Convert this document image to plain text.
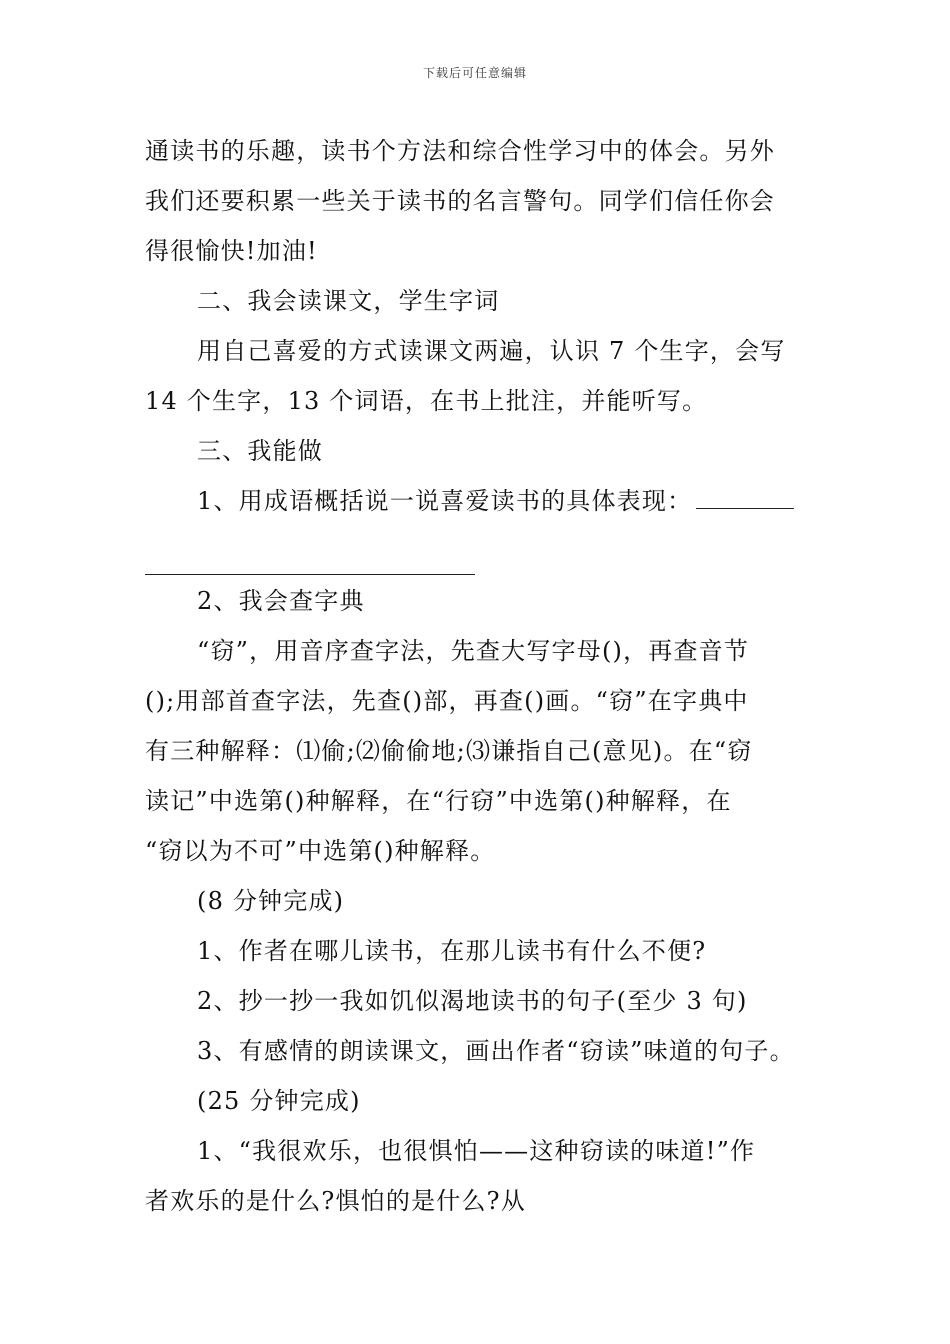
下载后可任意编辑
通读书的乐趣，读书个方法和综合性学习中的体会。另外
我们还要积累一些关于读书的名言警句。同学们信任你会
得很愉快!加油!
二、我会读课文，学生字词
用自己喜爱的方式读课文两遍，认识 7 个生字，会写
14 个生字，13 个词语，在书上批注，并能听写。
三、我能做
1、用成语概括说一说喜爱读书的具体表现：
2、我会查字典
“窃”，用音序查字法，先查大写字母()，再查音节
();用部首查字法，先查()部，再查()画。“窃”在字典中
有三种解释：⑴偷;⑵偷偷地;⑶谦指自己(意见)。在“窃
读记”中选第()种解释，在“行窃”中选第()种解释，在
“窃以为不可”中选第()种解释。
(8 分钟完成)
1、作者在哪儿读书，在那儿读书有什么不便?
2、抄一抄一我如饥似渴地读书的句子(至少 3 句)
3、有感情的朗读课文，画出作者“窃读”味道的句子。
(25 分钟完成)
1、“我很欢乐，也很惧怕——这种窃读的味道!”作
者欢乐的是什么?惧怕的是什么?从
